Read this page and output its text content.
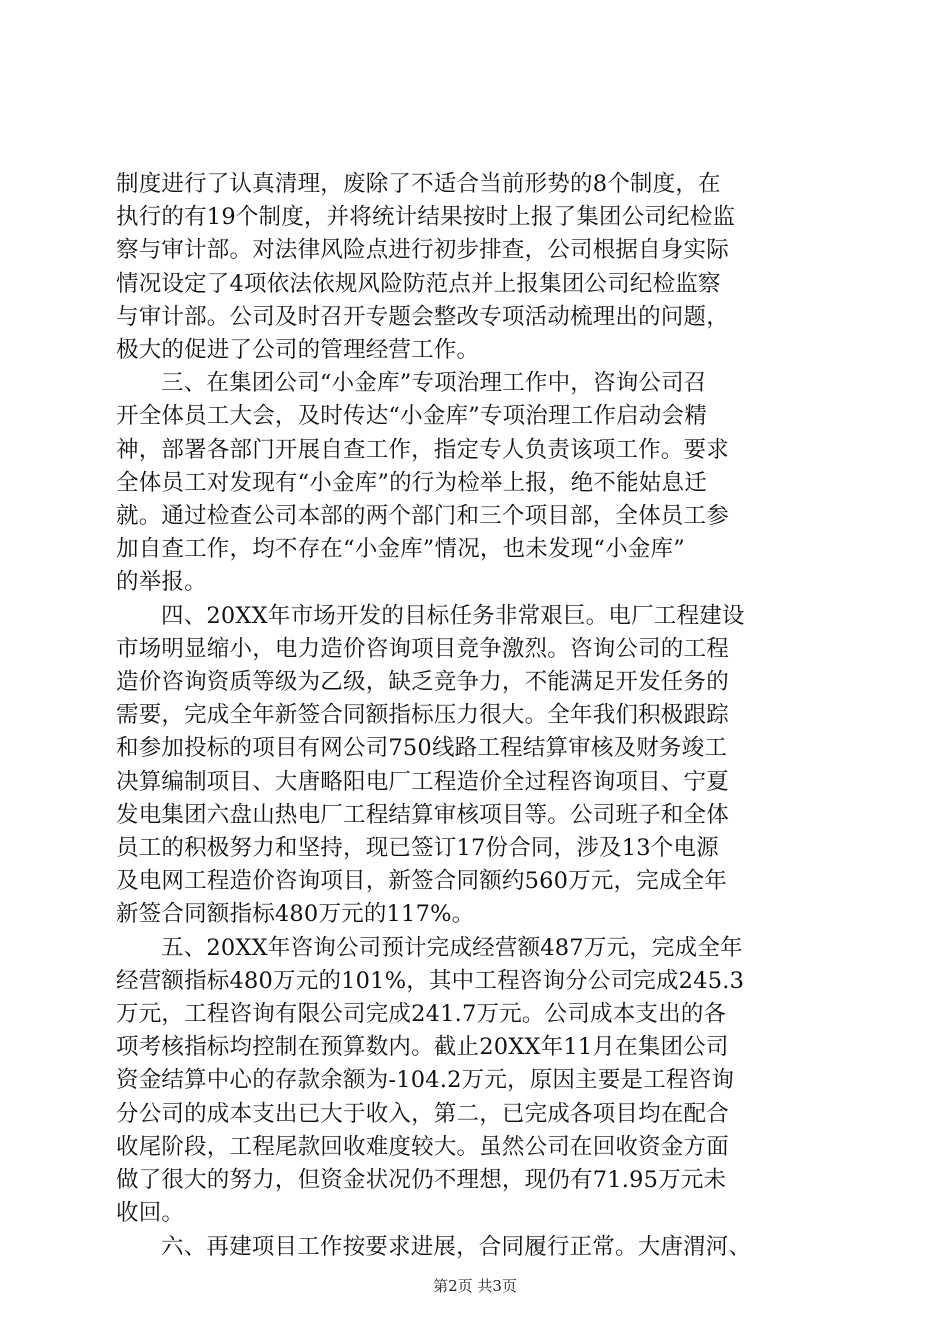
制度进行了认真清理，废除了不适合当前形势的8个制度，在
执行的有19个制度，并将统计结果按时上报了集团公司纪检监
察与审计部。对法律风险点进行初步排查，公司根据自身实际
情况设定了4项依法依规风险防范点并上报集团公司纪检监察
与审计部。公司及时召开专题会整改专项活动梳理出的问题，
极大的促进了公司的管理经营工作。

三、在集团公司“小金库”专项治理工作中，咨询公司召
开全体员工大会，及时传达“小金库”专项治理工作启动会精
神，部署各部门开展自查工作，指定专人负责该项工作。要求
全体员工对发现有“小金库”的行为检举上报，绝不能姑息迁
就。通过检查公司本部的两个部门和三个项目部，全体员工参
加自查工作，均不存在“小金库”情况，也未发现“小金库”
的举报。

四、20XX年市场开发的目标任务非常艰巨。电厂工程建设
市场明显缩小，电力造价咨询项目竞争激烈。咨询公司的工程
造价咨询资质等级为乙级，缺乏竞争力，不能满足开发任务的
需要，完成全年新签合同额指标压力很大。全年我们积极跟踪
和参加投标的项目有网公司750线路工程结算审核及财务竣工
决算编制项目、大唐略阳电厂工程造价全过程咨询项目、宁夏
发电集团六盘山热电厂工程结算审核项目等。公司班子和全体
员工的积极努力和坚持，现已签订17份合同，涉及13个电源
及电网工程造价咨询项目，新签合同额约560万元，完成全年
新签合同额指标480万元的117%。

五、20XX年咨询公司预计完成经营额487万元，完成全年
经营额指标480万元的101%，其中工程咨询分公司完成245.3
万元，工程咨询有限公司完成241.7万元。公司成本支出的各
项考核指标均控制在预算数内。截止20XX年11月在集团公司
资金结算中心的存款余额为-104.2万元，原因主要是工程咨询
分公司的成本支出已大于收入，第二，已完成各项目均在配合
收尾阶段，工程尾款回收难度较大。虽然公司在回收资金方面
做了很大的努力，但资金状况仍不理想，现仍有71.95万元未
收回。

六、再建项目工作按要求进展，合同履行正常。大唐渭河、

第2页 共3页
